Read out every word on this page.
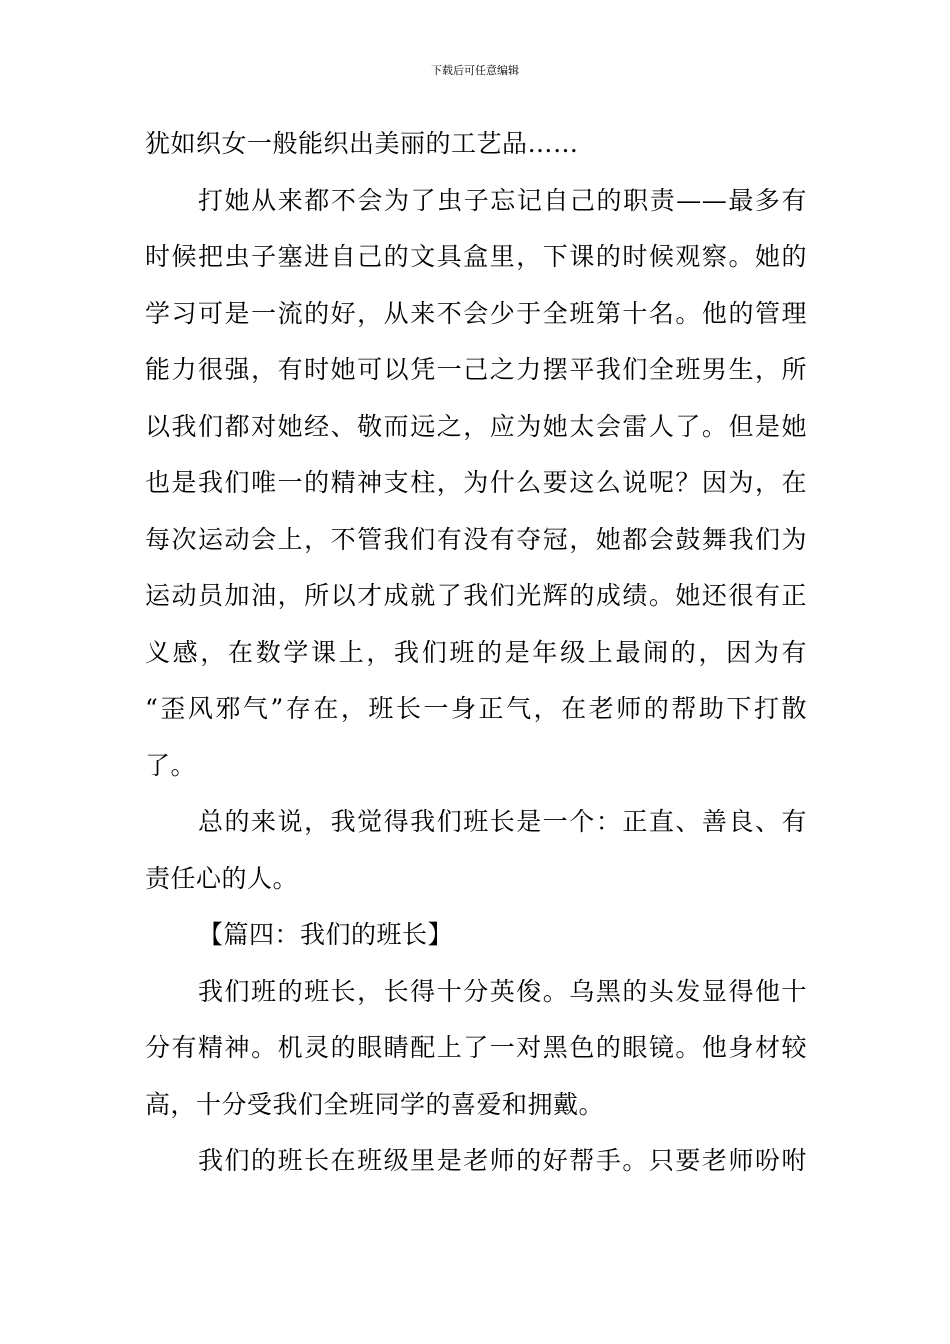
下载后可任意编辑
犹如织女一般能织出美丽的工艺品……
打她从来都不会为了虫子忘记自己的职责——最多有
时候把虫子塞进自己的文具盒里，下课的时候观察。她的
学习可是一流的好，从来不会少于全班第十名。他的管理
能力很强，有时她可以凭一己之力摆平我们全班男生，所
以我们都对她经、敬而远之，应为她太会雷人了。但是她
也是我们唯一的精神支柱，为什么要这么说呢？因为，在
每次运动会上，不管我们有没有夺冠，她都会鼓舞我们为
运动员加油，所以才成就了我们光辉的成绩。她还很有正
义感，在数学课上，我们班的是年级上最闹的，因为有
“歪风邪气”存在，班长一身正气，在老师的帮助下打散
了。
总的来说，我觉得我们班长是一个：正直、善良、有
责任心的人。
【篇四：我们的班长】
我们班的班长，长得十分英俊。乌黑的头发显得他十
分有精神。机灵的眼睛配上了一对黑色的眼镜。他身材较
高，十分受我们全班同学的喜爱和拥戴。
我们的班长在班级里是老师的好帮手。只要老师吩咐
